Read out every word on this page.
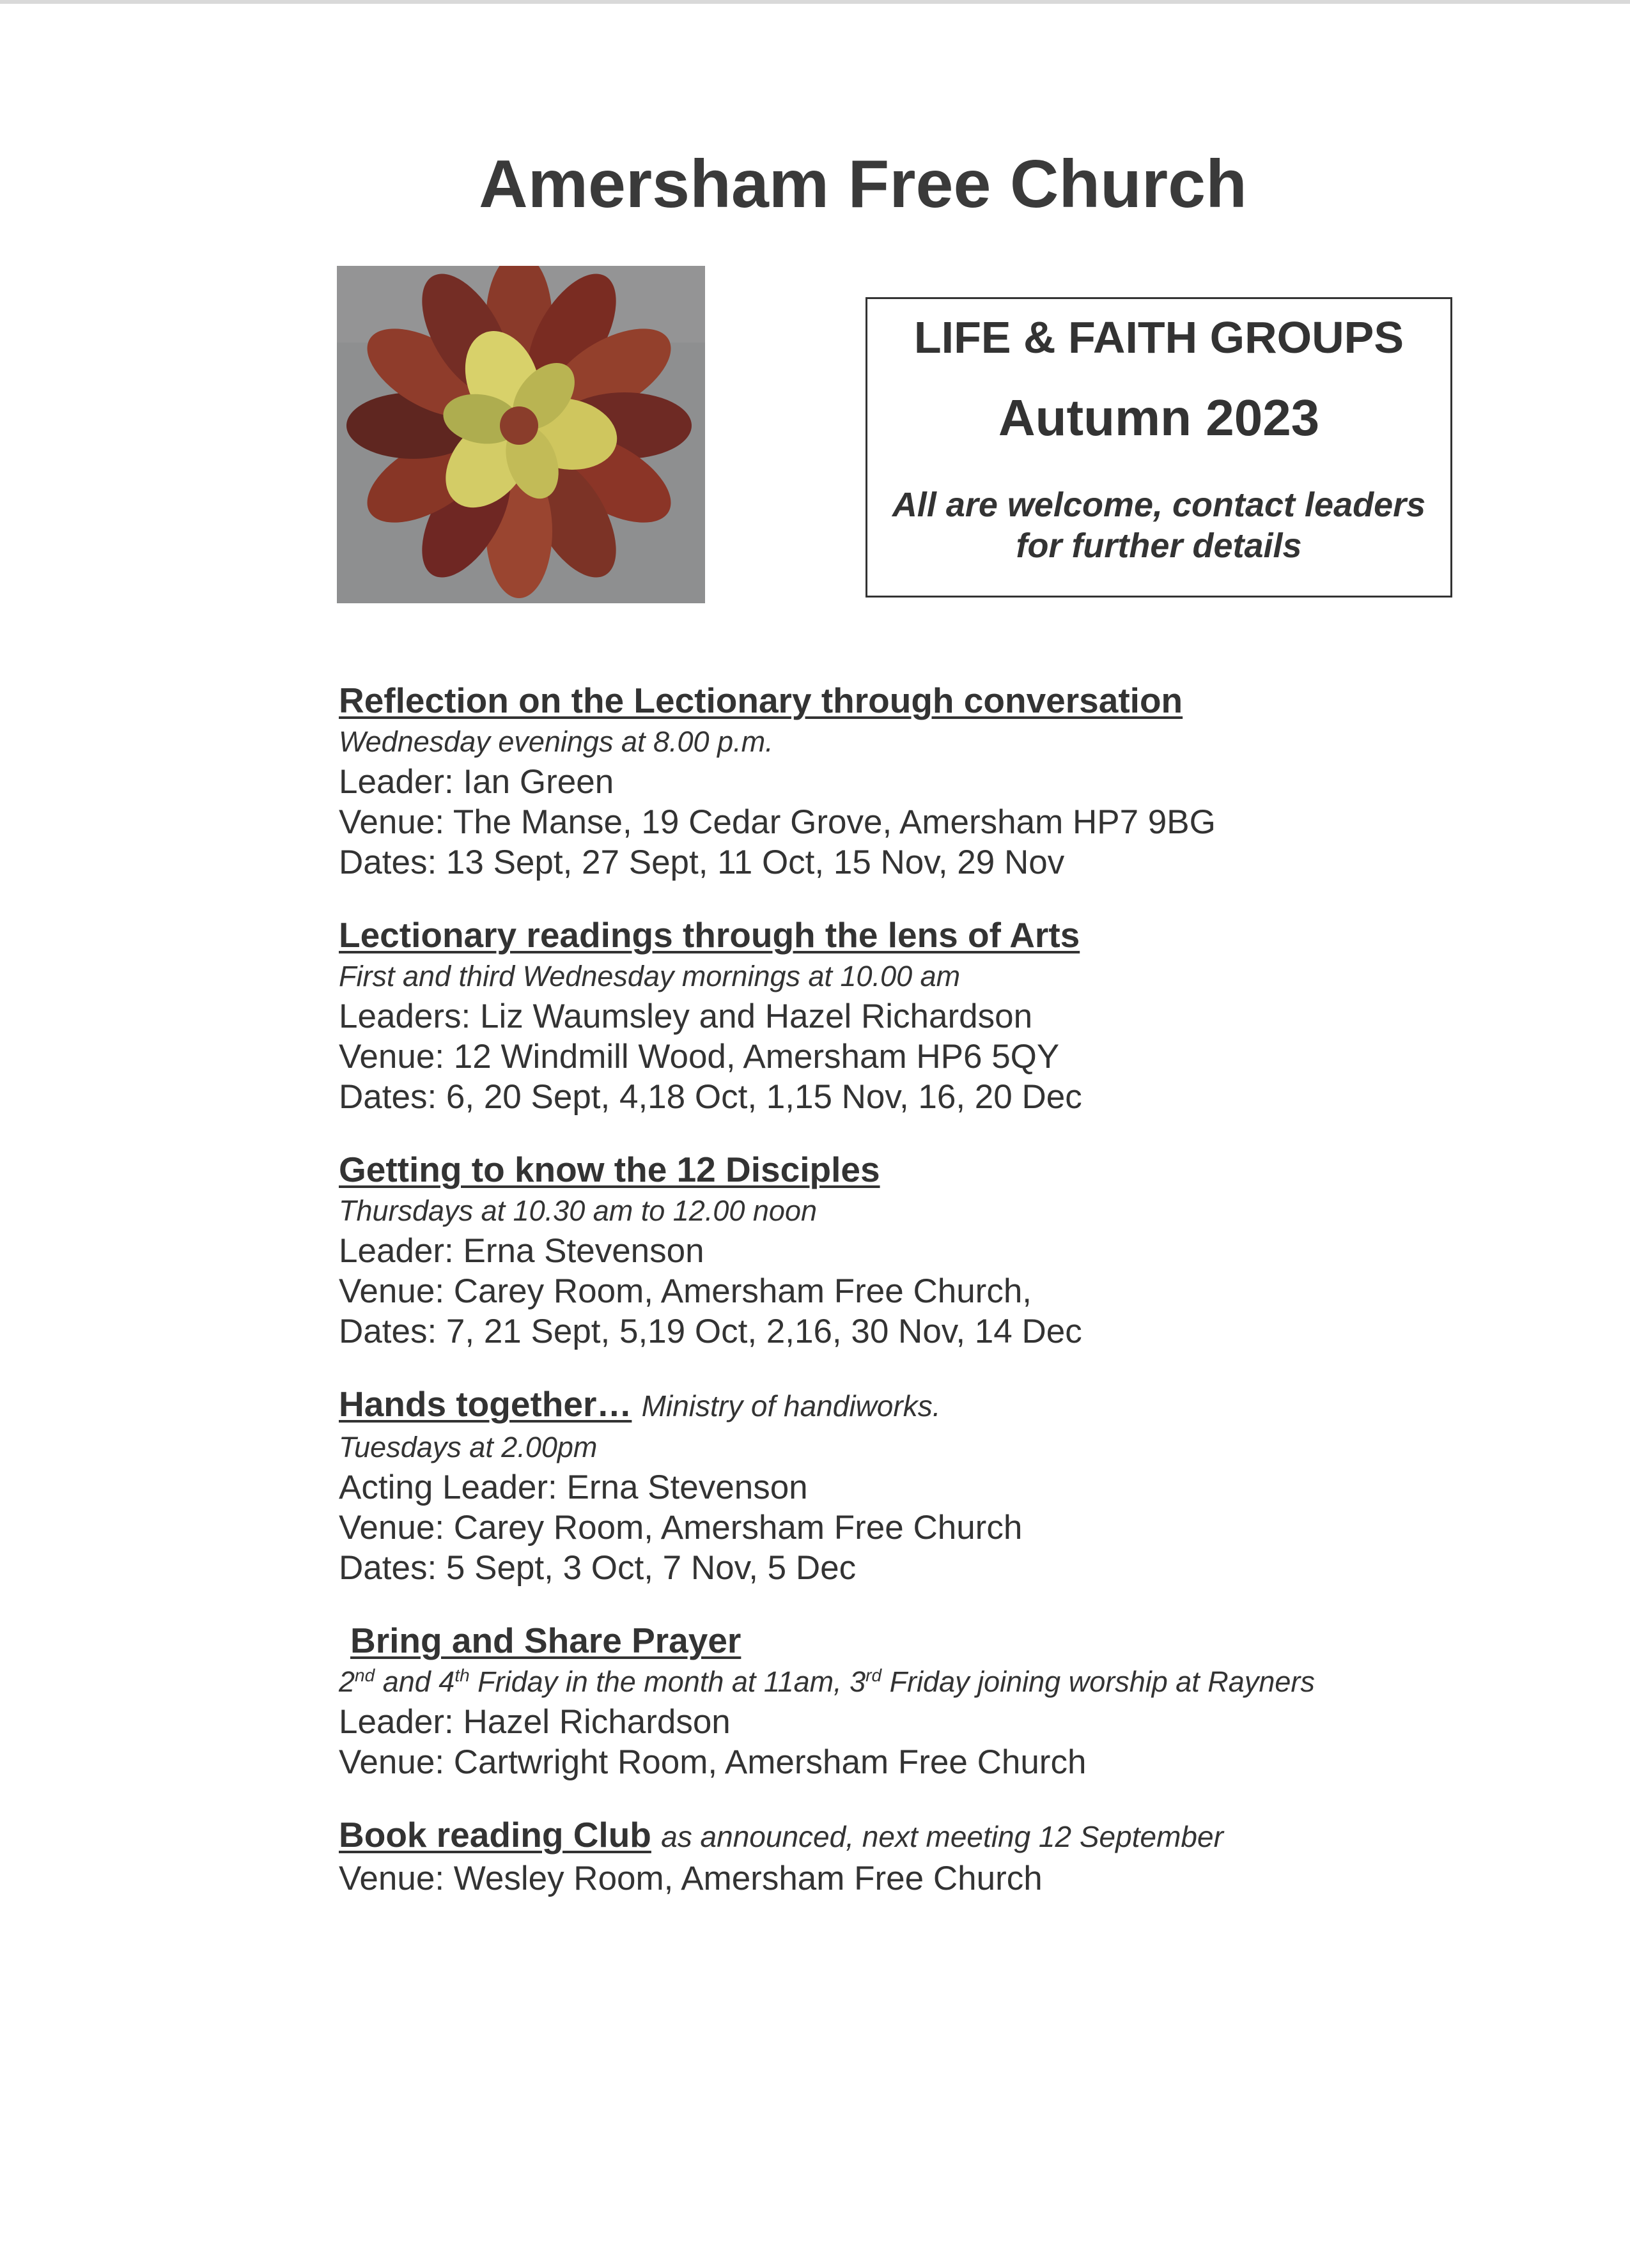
Amersham Free Church
LIFE & FAITH GROUPS
Autumn 2023
All are welcome, contact leaders
for further details
Reflection on the Lectionary through conversation
Wednesday evenings at 8.00 p.m.
Leader: Ian Green
Venue: The Manse, 19 Cedar Grove, Amersham HP7 9BG
Dates: 13 Sept, 27 Sept, 11 Oct, 15 Nov, 29 Nov
Lectionary readings through the lens of Arts
First and third Wednesday mornings at 10.00 am
Leaders: Liz Waumsley and Hazel Richardson
Venue: 12 Windmill Wood, Amersham HP6 5QY
Dates: 6, 20 Sept, 4,18 Oct, 1,15 Nov, 16, 20 Dec
Getting to know the 12 Disciples
Thursdays at 10.30 am to 12.00 noon
Leader: Erna Stevenson
Venue: Carey Room, Amersham Free Church,
Dates: 7, 21 Sept, 5,19 Oct, 2,16, 30 Nov, 14 Dec
Hands together… Ministry of handiworks.
Tuesdays at 2.00pm
Acting Leader: Erna Stevenson
Venue: Carey Room, Amersham Free Church
Dates: 5 Sept, 3 Oct, 7 Nov, 5 Dec
Bring and Share Prayer
2nd and 4th Friday in the month at 11am, 3rd Friday joining worship at Rayners
Leader: Hazel Richardson
Venue: Cartwright Room, Amersham Free Church
Book reading Club as announced, next meeting 12 September
Venue: Wesley Room, Amersham Free Church
